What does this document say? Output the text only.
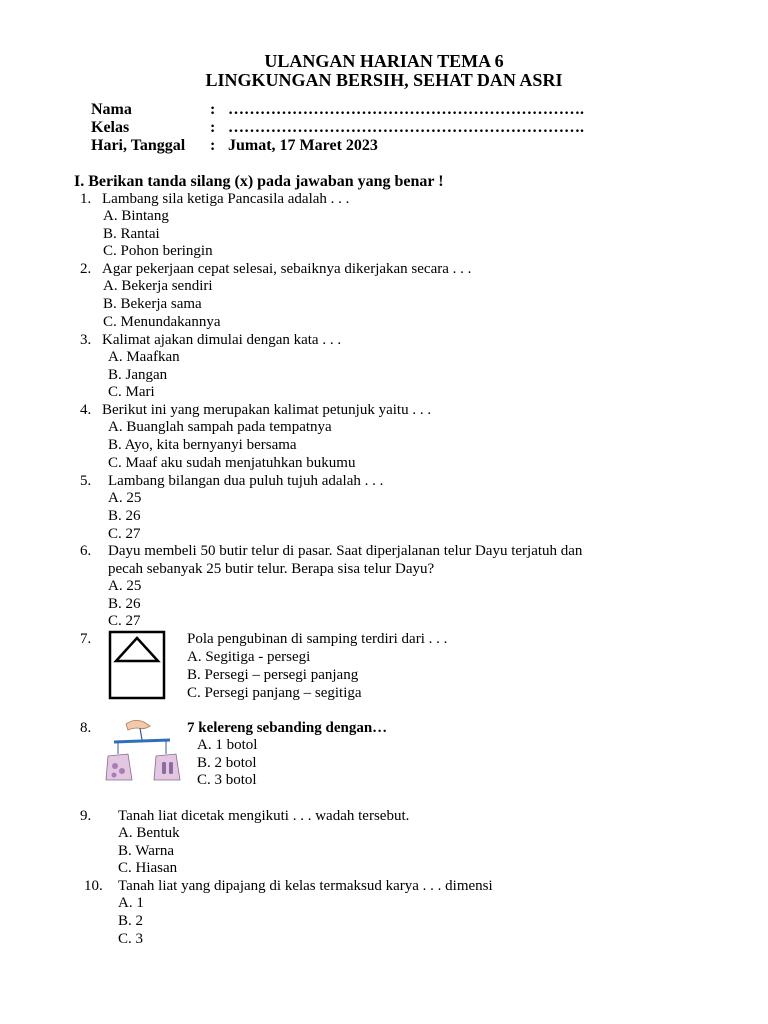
ULANGAN HARIAN TEMA 6
LINGKUNGAN BERSIH, SEHAT DAN ASRI
Nama	: ………………………………………………………….
Kelas	: ………………………………………………………….
Hari, Tanggal : Jumat, 17 Maret 2023
I. Berikan tanda silang (x) pada jawaban yang benar !
1. Lambang sila ketiga Pancasila adalah . . .
A. Bintang
B. Rantai
C. Pohon beringin
2. Agar pekerjaan cepat selesai, sebaiknya dikerjakan secara . . .
A. Bekerja sendiri
B. Bekerja sama
C. Menundakannya
3. Kalimat ajakan dimulai dengan kata . . .
A. Maafkan
B. Jangan
C. Mari
4. Berikut ini yang merupakan kalimat petunjuk yaitu . . .
A. Buanglah sampah pada tempatnya
B. Ayo, kita bernyanyi bersama
C. Maaf aku sudah menjatuhkan bukumu
5. Lambang bilangan dua puluh tujuh adalah . . .
A. 25
B. 26
C. 27
6. Dayu membeli 50 butir telur di pasar. Saat diperjalanan telur Dayu terjatuh dan
pecah sebanyak 25 butir telur. Berapa sisa telur Dayu?
A. 25
B. 26
C. 27
7.	Pola pengubinan di samping terdiri dari . . .
A. Segitiga - persegi
B. Persegi – persegi panjang
C. Persegi panjang – segitiga
8.	7 kelereng sebanding dengan…
A. 1 botol
B. 2 botol
C. 3 botol
9. Tanah liat dicetak mengikuti . . . wadah tersebut.
A. Bentuk
B. Warna
C. Hiasan
10. Tanah liat yang dipajang di kelas termaksud karya . . . dimensi
A. 1
B. 2
C. 3
